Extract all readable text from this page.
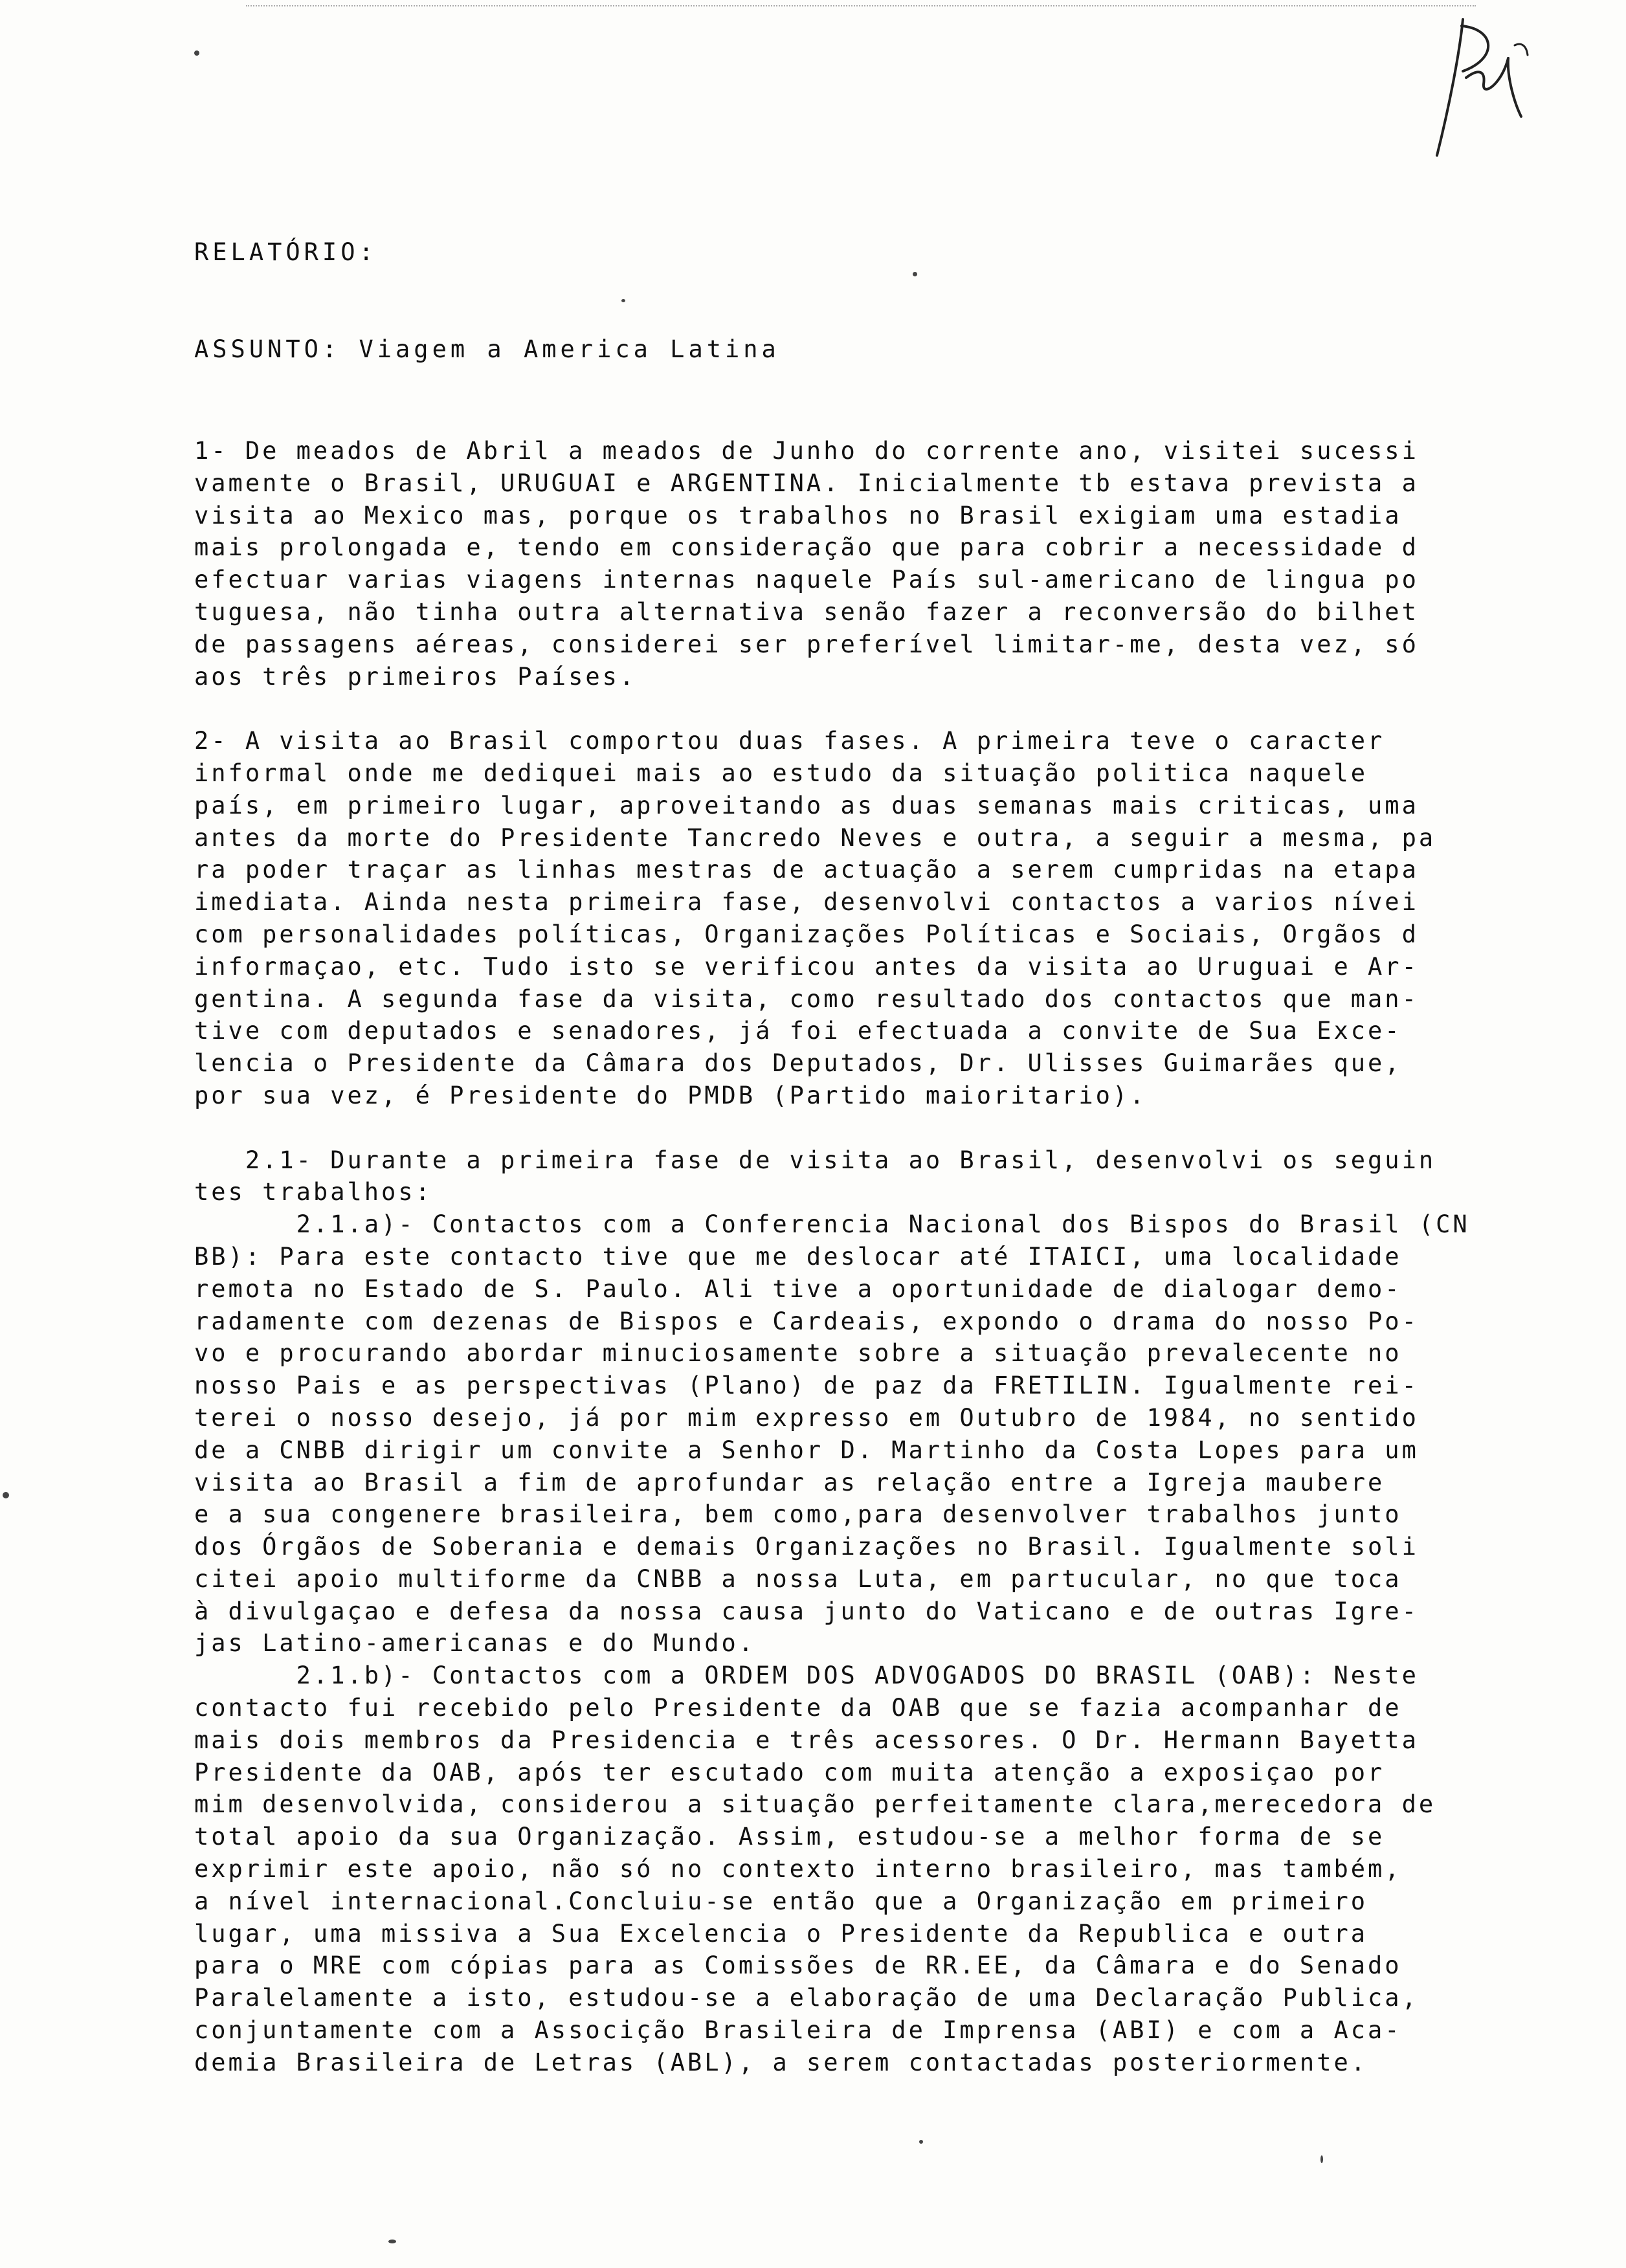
RELATÓRIO:
ASSUNTO: Viagem a America Latina
1- De meados de Abril a meados de Junho do corrente ano, visitei sucessi
vamente o Brasil, URUGUAI e ARGENTINA. Inicialmente tb estava prevista a
visita ao Mexico mas, porque os trabalhos no Brasil exigiam uma estadia
mais prolongada e, tendo em consideração que para cobrir a necessidade d
efectuar varias viagens internas naquele País sul-americano de lingua po
tuguesa, não tinha outra alternativa senão fazer a reconversão do bilhet
de passagens aéreas, considerei ser preferível limitar-me, desta vez, só
aos três primeiros Países.
2- A visita ao Brasil comportou duas fases. A primeira teve o caracter
informal onde me dediquei mais ao estudo da situação politica naquele
país, em primeiro lugar, aproveitando as duas semanas mais criticas, uma
antes da morte do Presidente Tancredo Neves e outra, a seguir a mesma, pa
ra poder traçar as linhas mestras de actuação a serem cumpridas na etapa
imediata. Ainda nesta primeira fase, desenvolvi contactos a varios nívei
com personalidades políticas, Organizações Políticas e Sociais, Orgãos d
informaçao, etc. Tudo isto se verificou antes da visita ao Uruguai e Ar-
gentina. A segunda fase da visita, como resultado dos contactos que man-
tive com deputados e senadores, já foi efectuada a convite de Sua Exce-
lencia o Presidente da Câmara dos Deputados, Dr. Ulisses Guimarães que,
por sua vez, é Presidente do PMDB (Partido maioritario).
2.1- Durante a primeira fase de visita ao Brasil, desenvolvi os seguin
tes trabalhos:
2.1.a)- Contactos com a Conferencia Nacional dos Bispos do Brasil (CN
BB): Para este contacto tive que me deslocar até ITAICI, uma localidade
remota no Estado de S. Paulo. Ali tive a oportunidade de dialogar demo-
radamente com dezenas de Bispos e Cardeais, expondo o drama do nosso Po-
vo e procurando abordar minuciosamente sobre a situação prevalecente no
nosso Pais e as perspectivas (Plano) de paz da FRETILIN. Igualmente rei-
terei o nosso desejo, já por mim expresso em Outubro de 1984, no sentido
de a CNBB dirigir um convite a Senhor D. Martinho da Costa Lopes para um
visita ao Brasil a fim de aprofundar as relação entre a Igreja maubere
e a sua congenere brasileira, bem como,para desenvolver trabalhos junto
dos Órgãos de Soberania e demais Organizações no Brasil. Igualmente soli
citei apoio multiforme da CNBB a nossa Luta, em partucular, no que toca
à divulgaçao e defesa da nossa causa junto do Vaticano e de outras Igre-
jas Latino-americanas e do Mundo.
2.1.b)- Contactos com a ORDEM DOS ADVOGADOS DO BRASIL (OAB): Neste
contacto fui recebido pelo Presidente da OAB que se fazia acompanhar de
mais dois membros da Presidencia e três acessores. O Dr. Hermann Bayetta
Presidente da OAB, após ter escutado com muita atenção a exposiçao por
mim desenvolvida, considerou a situação perfeitamente clara,merecedora de
total apoio da sua Organização. Assim, estudou-se a melhor forma de se
exprimir este apoio, não só no contexto interno brasileiro, mas também,
a nível internacional.Concluiu-se então que a Organização em primeiro
lugar, uma missiva a Sua Excelencia o Presidente da Republica e outra
para o MRE com cópias para as Comissões de RR.EE, da Câmara e do Senado
Paralelamente a isto, estudou-se a elaboração de uma Declaração Publica,
conjuntamente com a Associção Brasileira de Imprensa (ABI) e com a Aca-
demia Brasileira de Letras (ABL), a serem contactadas posteriormente.
